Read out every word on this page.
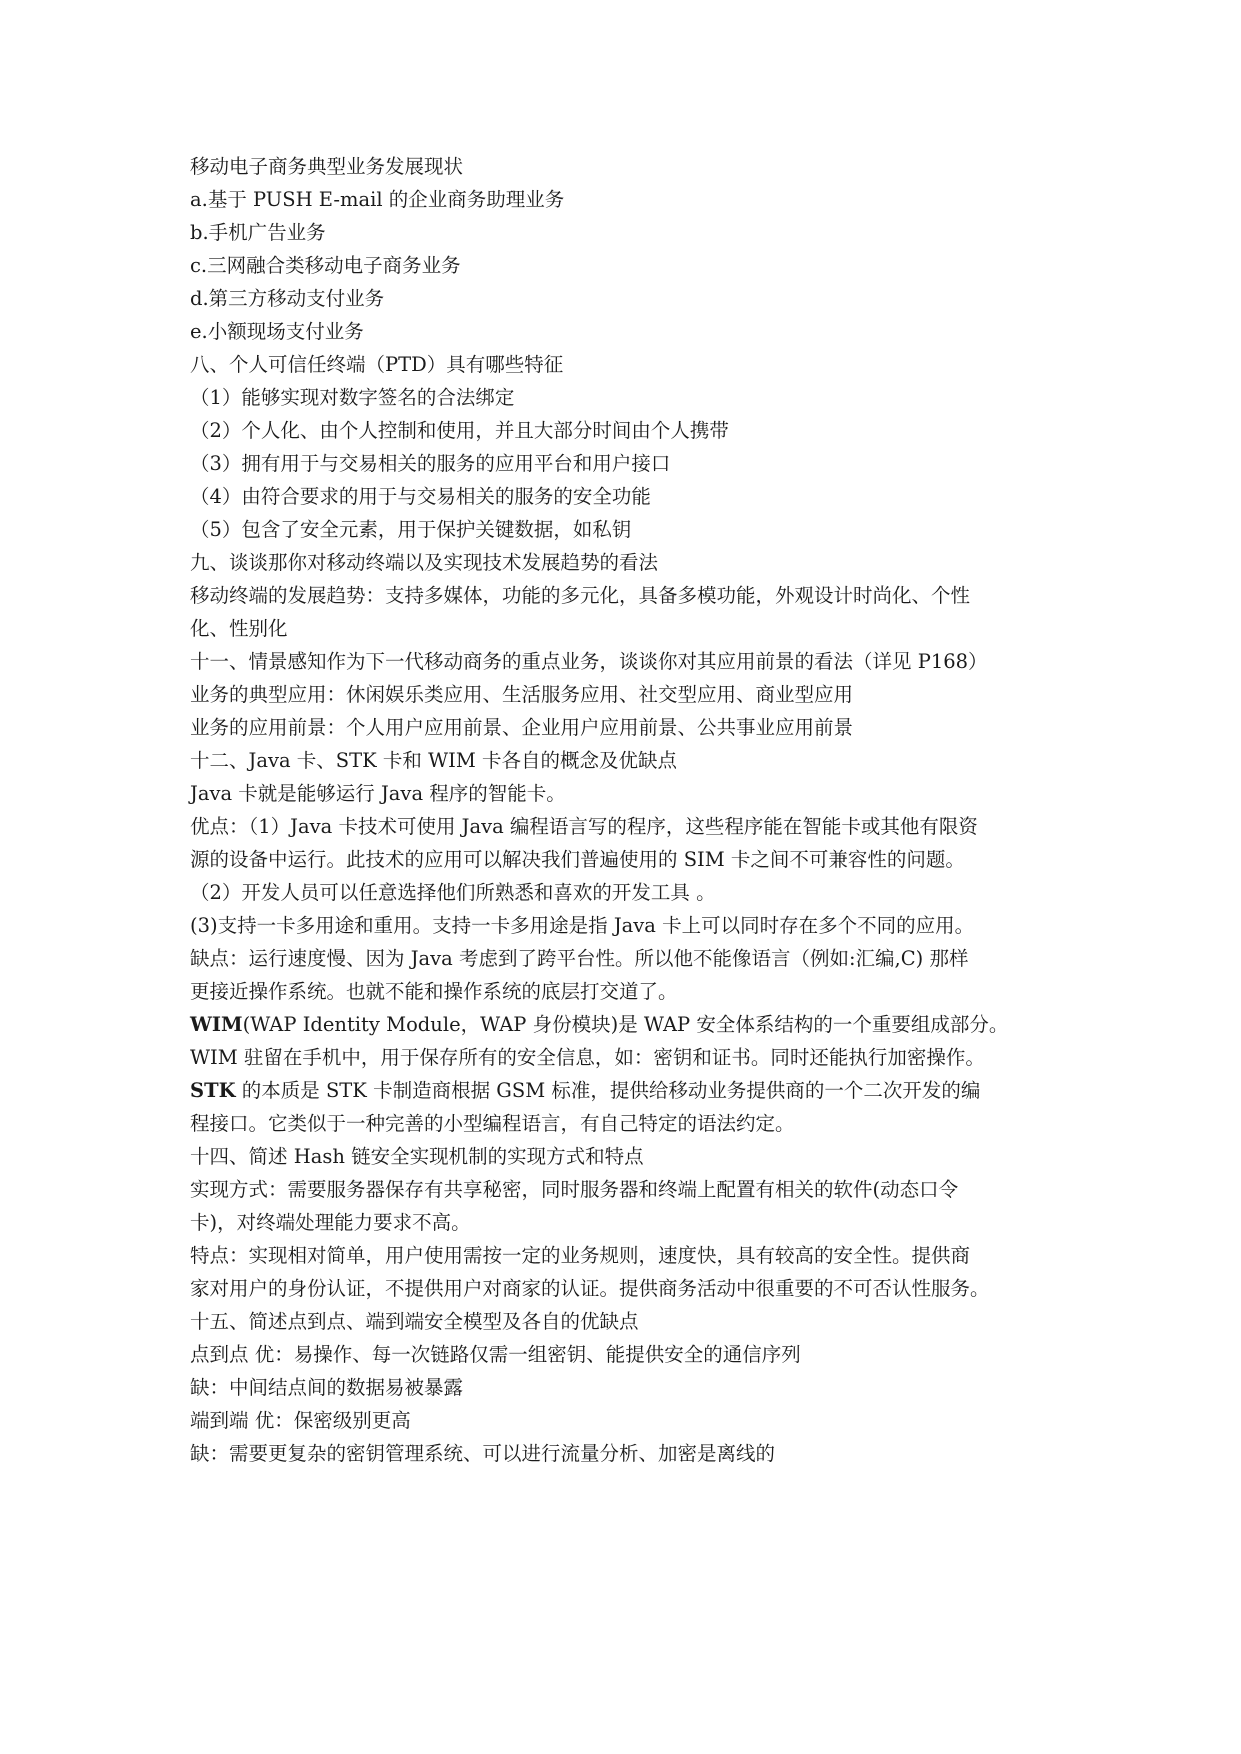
移动电子商务典型业务发展现状
a.基于 PUSH E-mail 的企业商务助理业务
b.手机广告业务
c.三网融合类移动电子商务业务
d.第三方移动支付业务
e.小额现场支付业务
八、个人可信任终端（PTD）具有哪些特征
（1）能够实现对数字签名的合法绑定
（2）个人化、由个人控制和使用，并且大部分时间由个人携带
（3）拥有用于与交易相关的服务的应用平台和用户接口
（4）由符合要求的用于与交易相关的服务的安全功能
（5）包含了安全元素，用于保护关键数据，如私钥
九、谈谈那你对移动终端以及实现技术发展趋势的看法
移动终端的发展趋势：支持多媒体，功能的多元化，具备多模功能，外观设计时尚化、个性
化、性别化
十一、情景感知作为下一代移动商务的重点业务，谈谈你对其应用前景的看法（详见 P168）
业务的典型应用：休闲娱乐类应用、生活服务应用、社交型应用、商业型应用
业务的应用前景：个人用户应用前景、企业用户应用前景、公共事业应用前景
十二、Java 卡、STK 卡和 WIM 卡各自的概念及优缺点
Java 卡就是能够运行 Java 程序的智能卡。
优点：（1）Java 卡技术可使用 Java 编程语言写的程序，这些程序能在智能卡或其他有限资
源的设备中运行。此技术的应用可以解决我们普遍使用的 SIM 卡之间不可兼容性的问题。
（2）开发人员可以任意选择他们所熟悉和喜欢的开发工具 。
(3)支持一卡多用途和重用。支持一卡多用途是指 Java 卡上可以同时存在多个不同的应用。
缺点：运行速度慢、因为 Java 考虑到了跨平台性。所以他不能像语言（例如:汇编,C) 那样
更接近操作系统。也就不能和操作系统的底层打交道了。
WIM(WAP Identity Module，WAP 身份模块)是 WAP 安全体系结构的一个重要组成部分。
WIM 驻留在手机中，用于保存所有的安全信息，如：密钥和证书。同时还能执行加密操作。
STK 的本质是 STK 卡制造商根据 GSM 标准，提供给移动业务提供商的一个二次开发的编
程接口。它类似于一种完善的小型编程语言，有自己特定的语法约定。
十四、简述 Hash 链安全实现机制的实现方式和特点
实现方式：需要服务器保存有共享秘密，同时服务器和终端上配置有相关的软件(动态口令
卡)，对终端处理能力要求不高。
特点：实现相对简单，用户使用需按一定的业务规则，速度快，具有较高的安全性。提供商
家对用户的身份认证，不提供用户对商家的认证。提供商务活动中很重要的不可否认性服务。
十五、简述点到点、端到端安全模型及各自的优缺点
点到点 优：易操作、每一次链路仅需一组密钥、能提供安全的通信序列
缺：中间结点间的数据易被暴露
端到端 优：保密级别更高
缺：需要更复杂的密钥管理系统、可以进行流量分析、加密是离线的
